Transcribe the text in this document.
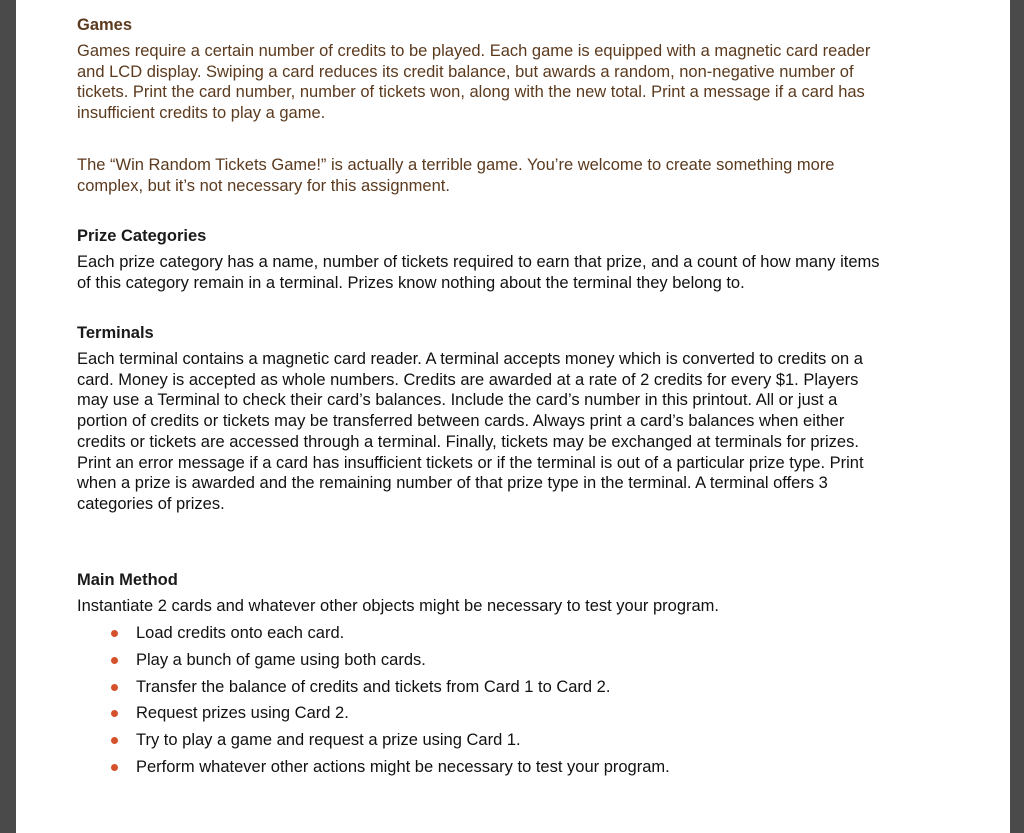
Games

Games require a certain number of credits to be played. Each game is equipped with a magnetic card reader
and LCD display. Swiping a card reduces its credit balance, but awards a random, non-negative number of
tickets. Print the card number, number of tickets won, along with the new total. Print a message if a card has
insufficient credits to play a game.

The “Win Random Tickets Game!” is actually a terrible game. You’re welcome to create something more
complex, but it’s not necessary for this assignment.

Prize Categories

Each prize category has a name, number of tickets required to earn that prize, and a count of how many items
of this category remain in a terminal. Prizes know nothing about the terminal they belong to.

Terminals

Each terminal contains a magnetic card reader. A terminal accepts money which is converted to credits on a
card. Money is accepted as whole numbers. Credits are awarded at a rate of 2 credits for every $1. Players
may use a Terminal to check their card’s balances. Include the card’s number in this printout. All or just a
portion of credits or tickets may be transferred between cards. Always print a card’s balances when either
credits or tickets are accessed through a terminal. Finally, tickets may be exchanged at terminals for prizes.
Print an error message if a card has insufficient tickets or if the terminal is out of a particular prize type. Print
when a prize is awarded and the remaining number of that prize type in the terminal. A terminal offers 3
categories of prizes.

Main Method

Instantiate 2 cards and whatever other objects might be necessary to test your program.

Load credits onto each card.
Play a bunch of game using both cards.
Transfer the balance of credits and tickets from Card 1 to Card 2.
Request prizes using Card 2.
Try to play a game and request a prize using Card 1.
Perform whatever other actions might be necessary to test your program.
